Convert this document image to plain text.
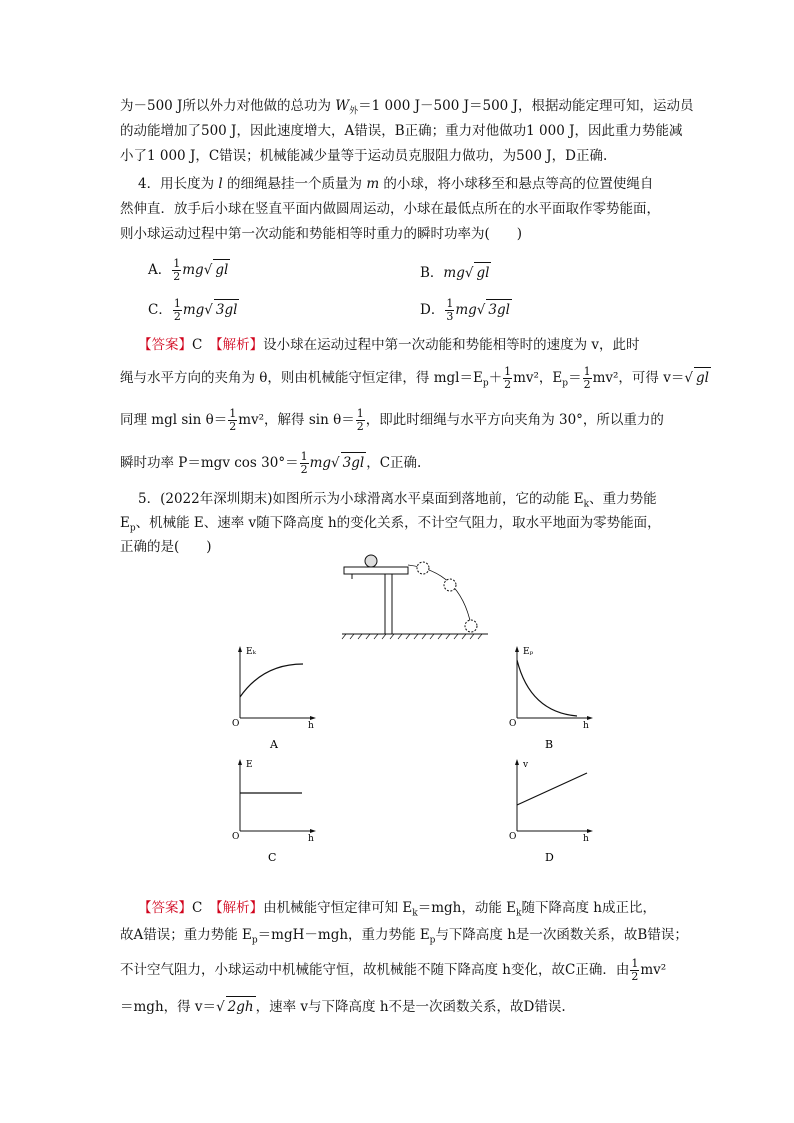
为－500 J所以外力对他做的总功为 $W_外=1$ 000 J－500 J＝500 J，根据动能定理可知，运动员
的动能增加了500 J，因此速度增大，A错误，B正确；重力对他做功1 000 J，因此重力势能减
小了1 000 J，C错误；机械能减少量等于运动员克服阻力做功，为500 J，D正确.
4．用长度为 l 的细绳悬挂一个质量为 m 的小球，将小球移至和悬点等高的位置使绳自
然伸直．放手后小球在竖直平面内做圆周运动，小球在最低点所在的水平面取作零势能面，
则小球运动过程中第一次动能和势能相等时重力的瞬时功率为(　　)
A． $\frac{1}{2} mg√$ gl	B．mg√ gl
C． $\frac{1}{2} mg√$ 3gl	D． $\frac{1}{3} mg√$ 3gl
【答案】C　 【解析】设小球在运动过程中第一次动能和势能相等时的速度为 v，此时
绳与水平方向的夹角为 θ，则由机械能守恒定律，得 $mgl=E_p+ \frac{1}{2} mv^2$，$E_p= \frac{1}{2} mv^2$，可得 v＝√ gl
同理 mgl $\sin \theta= \frac{1}{2} mv^2$，解得 $\sin \theta= \frac{1}{2}$ ，即此时细绳与水平方向夹角为 30°，所以重力的
瞬时功率 P＝mgv $\cos 30^\circ= \frac{1}{2} mg√$ 3gl ，C正确.
5．(2022年深圳期末)如图所示为小球滑离水平桌面到落地前，它的动能 $E_k$、重力势能
$E_p$、机械能 E、速率 v随下降高度 h的变化关系，不计空气阻力，取水平地面为零势能面，
正确的是(　　)
Eₖ
O	h
A
Eₚ
O	h
B
E
O	h
C
v
O	h
D
【答案】C　 【解析】由机械能守恒定律可知 $E_k=mgh$，动能 $E_k$随下降高度 h成正比，
故A错误；重力势能 $E_p=mgH-mgh$，重力势能 $E_p$与下降高度 h是一次函数关系，故B错误；
不计空气阻力，小球运动中机械能守恒，故机械能不随下降高度 h变化，故C正确．由 $\frac{1}{2} mv^2$
＝mgh，得 v＝√ 2gh ，速率 v与下降高度 h不是一次函数关系，故D错误.
